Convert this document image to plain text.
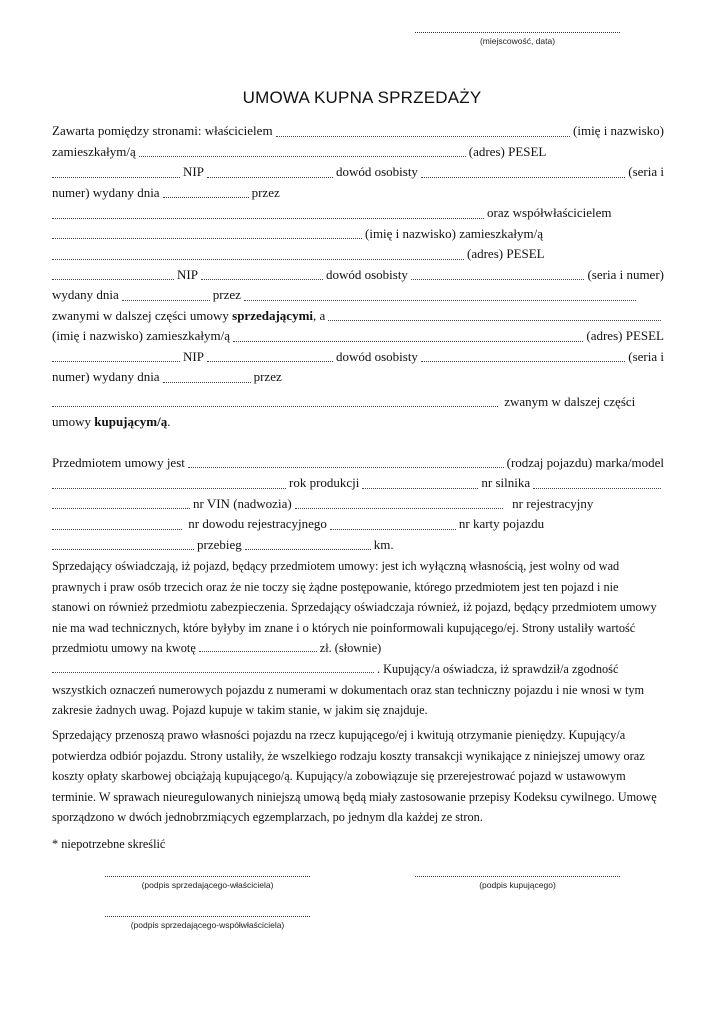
(miejscowość, data)
UMOWA KUPNA SPRZEDAŻY
Zawarta pomiędzy stronami: właścicielem	(imię i nazwisko)
zamieszkałym/ą	(adres) PESEL
NIP	dowód osobisty	(seria i
numer) wydany dnia	przez
oraz współwłaścicielem
(imię i nazwisko) zamieszkałym/ą
(adres) PESEL
NIP	dowód osobisty	(seria i numer)
wydany dnia	przez
zwanymi w dalszej części umowy
sprzedającymi , a
(imię i nazwisko) zamieszkałym/ą	(adres) PESEL
NIP	dowód osobisty	(seria i
numer) wydany dnia	przez

zwanym w dalszej części
umowy
kupującym/ą .
Przedmiotem umowy jest	(rodzaj pojazdu) marka/model
rok produkcji	nr silnika
nr VIN (nadwozia)
	nr rejestracyjny

nr dowodu rejestracyjnego	nr karty pojazdu
przebieg	km.

Sprzedający oświadczają, iż pojazd, będący przedmiotem umowy: jest ich wyłączną własnością, jest wolny od wad

prawnych i praw osób trzecich oraz że nie toczy się żądne postępowanie, którego przedmiotem jest ten pojazd i nie

stanowi on również przedmiotu zabezpieczenia. Sprzedający oświadczaja również, iż pojazd, będący przedmiotem umowy

nie ma wad technicznych, które byłyby im znane i o których nie poinformowali kupującego/ej. Strony ustaliły wartość

przedmiotu umowy na kwotę	zł. (słownie)
. Kupujący/a oświadcza, iż sprawdził/a zgodność

wszystkich oznaczeń numerowych pojazdu z numerami w dokumentach oraz stan techniczny pojazdu i nie wnosi w tym

zakresie żadnych uwag. Pojazd kupuje w takim stanie, w jakim się znajduje.

Sprzedający przenoszą prawo własności pojazdu na rzecz kupującego/ej i kwitują otrzymanie pieniędzy. Kupujący/a

potwierdza odbiór pojazdu. Strony ustaliły, że wszelkiego rodzaju koszty transakcji wynikające z niniejszej umowy oraz

koszty opłaty skarbowej obciążają kupującego/ą. Kupujący/a zobowiązuje się przerejestrować pojazd w ustawowym

terminie. W sprawach nieuregulowanych niniejszą umową będą miały zastosowanie przepisy Kodeksu cywilnego. Umowę

sporządzono w dwóch jednobrzmiących egzemplarzach, po jednym dla każdej ze stron.

* niepotrzebne skreślić

(podpis sprzedającego-właściciela)	(podpis kupującego)
(podpis sprzedającego-współwłaściciela)
